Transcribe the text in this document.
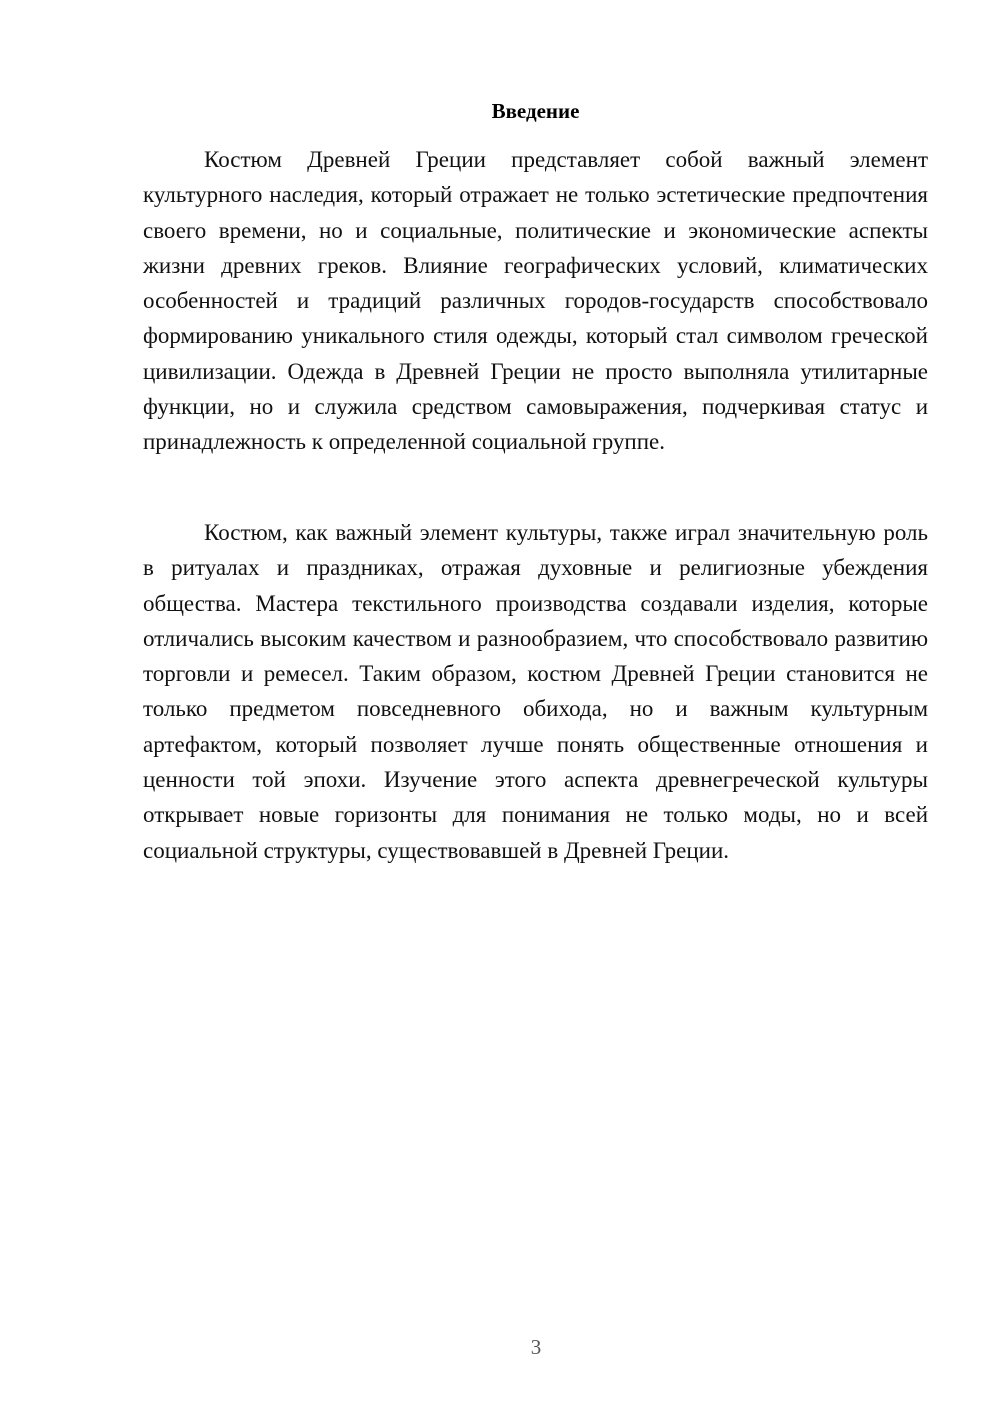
Введение

Костюм Древней Греции представляет собой важный элемент культурного наследия, который отражает не только эстетические предпочтения своего времени, но и социальные, политические и экономические аспекты жизни древних греков. Влияние географических условий, климатических особенностей и традиций различных городов-государств способствовало формированию уникального стиля одежды, который стал символом греческой цивилизации. Одежда в Древней Греции не просто выполняла утилитарные функции, но и служила средством самовыражения, подчеркивая статус и принадлежность к определенной социальной группе.

Костюм, как важный элемент культуры, также играл значительную роль в ритуалах и праздниках, отражая духовные и религиозные убеждения общества. Мастера текстильного производства создавали изделия, которые отличались высоким качеством и разнообразием, что способствовало развитию торговли и ремесел. Таким образом, костюм Древней Греции становится не только предметом повседневного обихода, но и важным культурным артефактом, который позволяет лучше понять общественные отношения и ценности той эпохи. Изучение этого аспекта древнегреческой культуры открывает новые горизонты для понимания не только моды, но и всей социальной структуры, существовавшей в Древней Греции.

3
